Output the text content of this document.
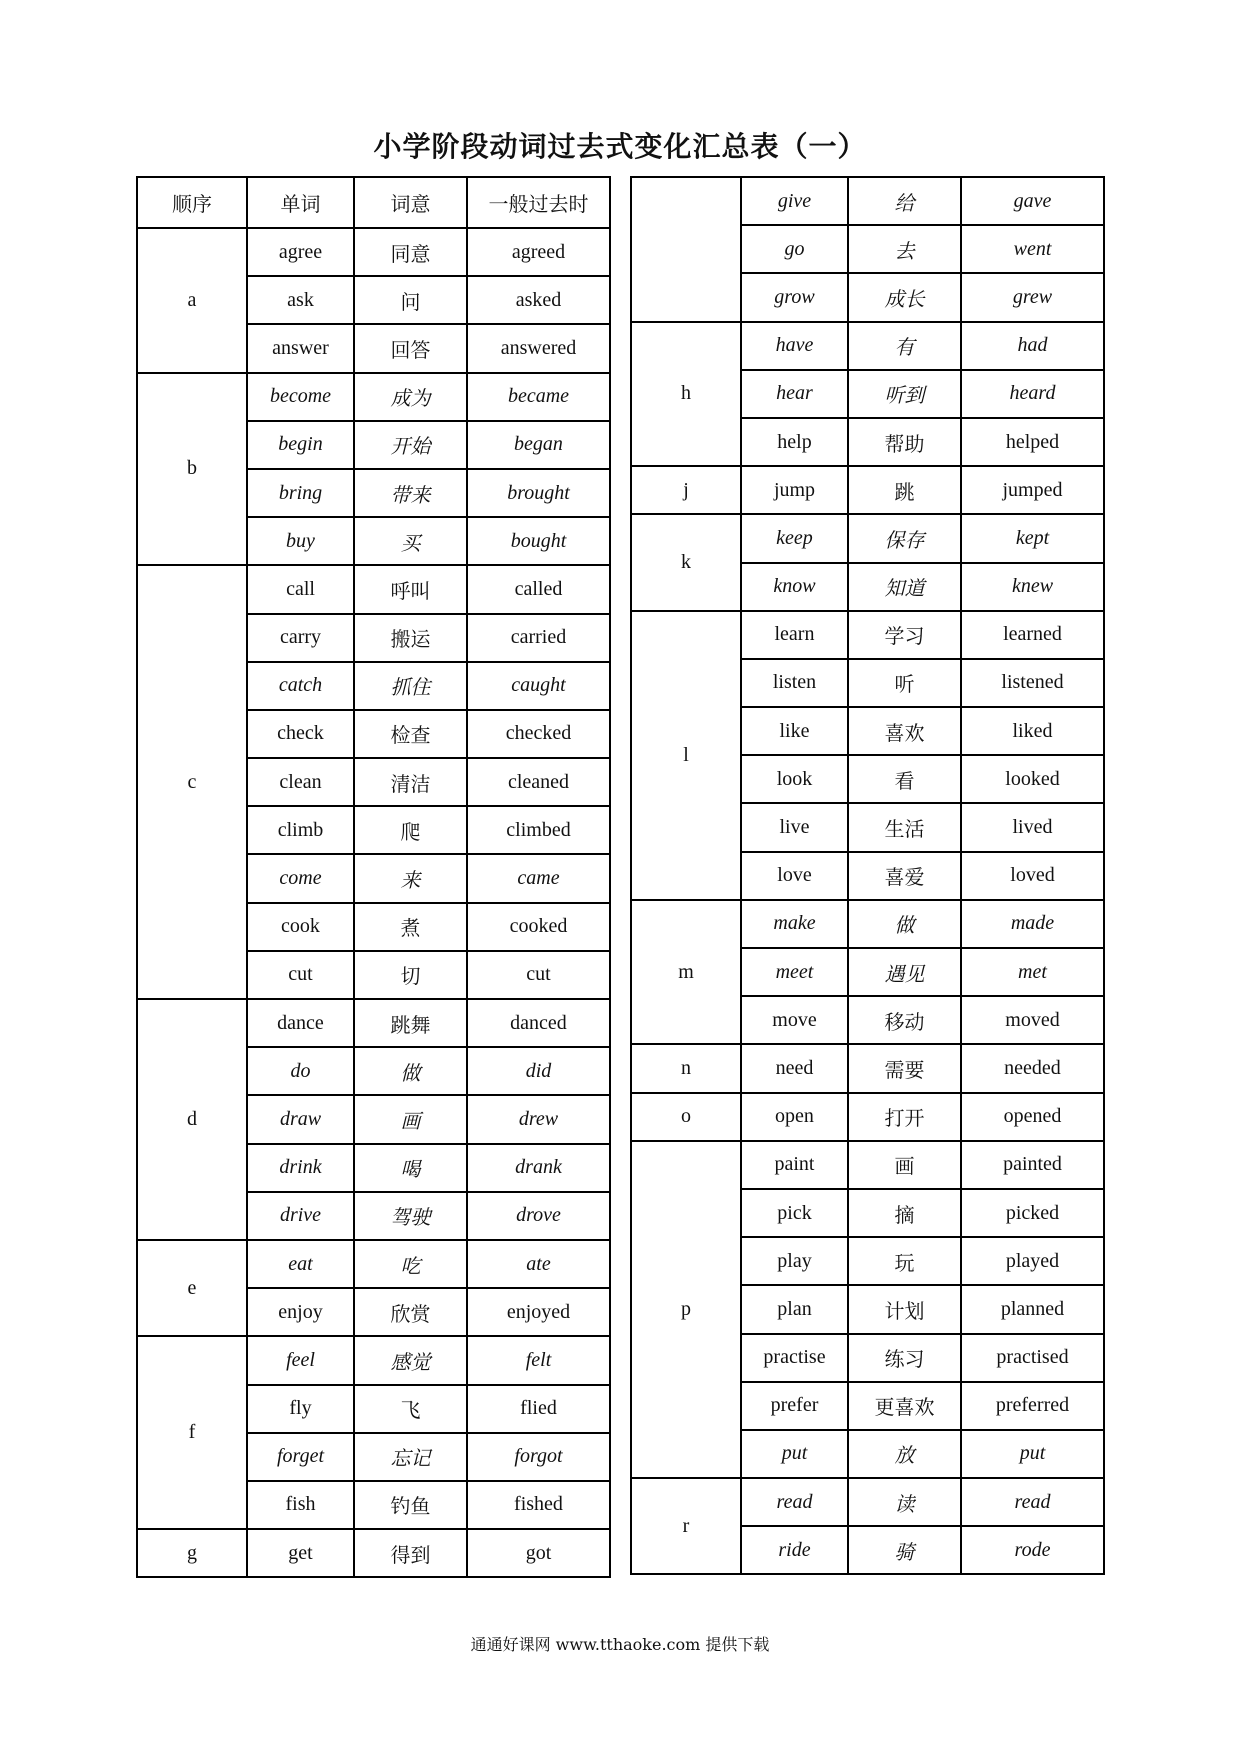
小学阶段动词过去式变化汇总表（一）
顺序	单词	词意	一般过去时
a	agree	同意	agreed
	ask	问	asked
	answer	回答	answered
b	become	成为	became
	begin	开始	began
	bring	带来	brought
	buy	买	bought
c	call	呼叫	called
	carry	搬运	carried
	catch	抓住	caught
	check	检查	checked
	clean	清洁	cleaned
	climb	爬	climbed
	come	来	came
	cook	煮	cooked
	cut	切	cut
d	dance	跳舞	danced
	do	做	did
	draw	画	drew
	drink	喝	drank
	drive	驾驶	drove
e	eat	吃	ate
	enjoy	欣赏	enjoyed
f	feel	感觉	felt
	fly	飞	flied
	forget	忘记	forgot
	fish	钓鱼	fished
g	get	得到	got
	give	给	gave
	go	去	went
	grow	成长	grew
h	have	有	had
	hear	听到	heard
	help	帮助	helped
j	jump	跳	jumped
k	keep	保存	kept
	know	知道	knew
l	learn	学习	learned
	listen	听	listened
	like	喜欢	liked
	look	看	looked
	live	生活	lived
	love	喜爱	loved
m	make	做	made
	meet	遇见	met
	move	移动	moved
n	need	需要	needed
o	open	打开	opened
p	paint	画	painted
	pick	摘	picked
	play	玩	played
	plan	计划	planned
	practise	练习	practised
	prefer	更喜欢	preferred
	put	放	put
r	read	读	read
	ride	骑	rode
通通好课网 www.tthaoke.com 提供下载
